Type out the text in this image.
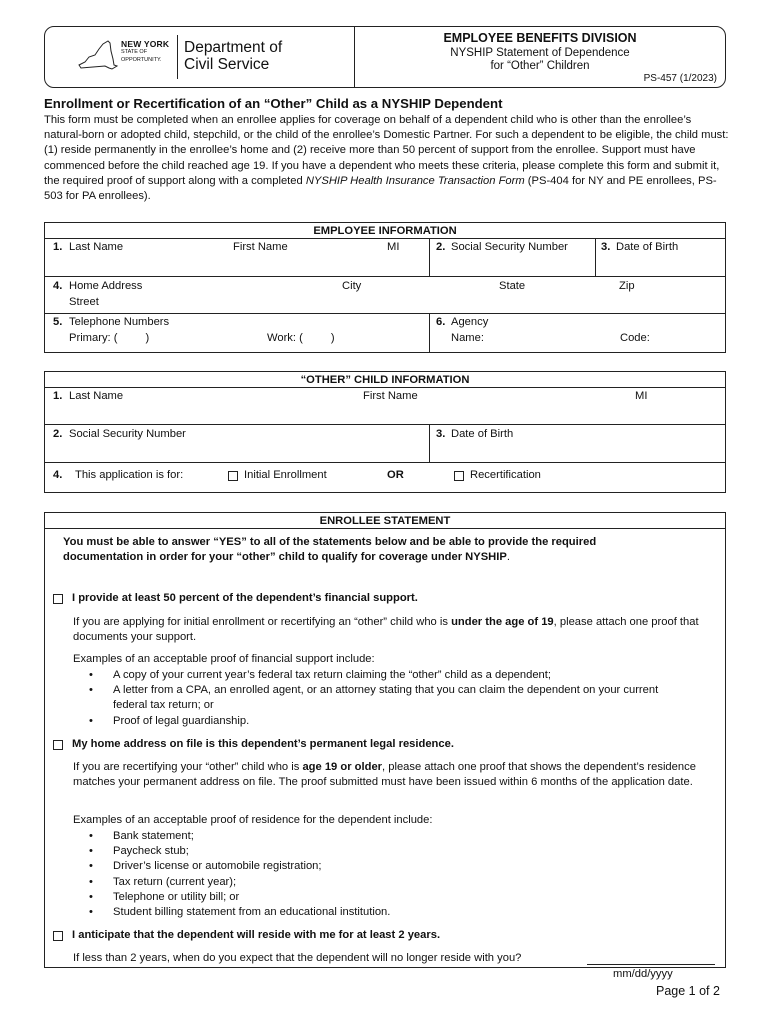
NEW YORK
STATE OF
OPPORTUNITY.
Department of
Civil Service
EMPLOYEE BENEFITS DIVISION
NYSHIP Statement of Dependence
for “Other” Children
PS-457 (1/2023)
Enrollment or Recertification of an “Other” Child as a NYSHIP Dependent
This form must be completed when an enrollee applies for coverage on behalf of a dependent child who is other than the enrollee’s natural-born or adopted child, stepchild, or the child of the enrollee’s Domestic Partner. For such a dependent to be eligible, the child must: (1) reside permanently in the enrollee’s home and (2) receive more than 50 percent of support from the enrollee. Support must have commenced before the child reached age 19. If you have a dependent who meets these criteria, please complete this form and submit it, the required proof of support along with a completed NYSHIP Health Insurance Transaction Form (PS-404 for NY and PE enrollees, PS-503 for PA enrollees).
EMPLOYEE INFORMATION
1. Last Name	First Name	MI	2. Social Security Number	3. Date of Birth
4. Home Address
Street
City	State	Zip
5. Telephone Numbers
Primary: (         )	Work: (         )
6. Agency
Name:	Code:
“OTHER” CHILD INFORMATION
1. Last Name	First Name	MI
2. Social Security Number	3. Date of Birth
4. This application is for:	Initial Enrollment	OR	Recertification
ENROLLEE STATEMENT
You must be able to answer “YES” to all of the statements below and be able to provide the required
documentation in order for your “other” child to qualify for coverage under NYSHIP.
I provide at least 50 percent of the dependent’s financial support.
If you are applying for initial enrollment or recertifying an “other” child who is under the age of 19, please attach one proof that documents your support.
Examples of an acceptable proof of financial support include:
• A copy of your current year’s federal tax return claiming the “other” child as a dependent;
• A letter from a CPA, an enrolled agent, or an attorney stating that you can claim the dependent on your current federal tax return; or
• Proof of legal guardianship.
My home address on file is this dependent’s permanent legal residence.
If you are recertifying your “other” child who is age 19 or older, please attach one proof that shows the dependent’s residence matches your permanent address on file. The proof submitted must have been issued within 6 months of the application date.
Examples of an acceptable proof of residence for the dependent include:
• Bank statement;
• Paycheck stub;
• Driver’s license or automobile registration;
• Tax return (current year);
• Telephone or utility bill; or
• Student billing statement from an educational institution.
I anticipate that the dependent will reside with me for at least 2 years.
If less than 2 years, when do you expect that the dependent will no longer reside with you?
mm/dd/yyyy
Page 1 of 2
